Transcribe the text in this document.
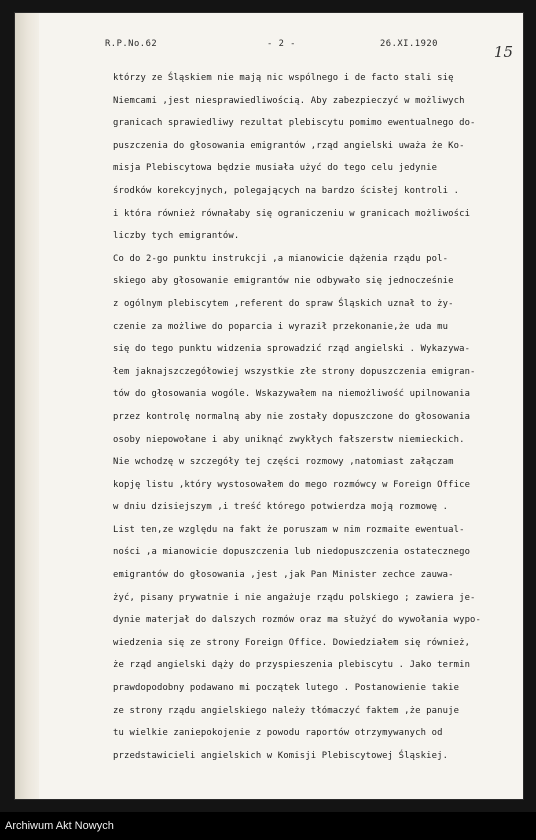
R.P.No.62	- 2 -	26.XI.1920	15
którzy ze Śląskiem nie mają nic wspólnego i de facto stali się
Niemcami ,jest niesprawiedliwością. Aby zabezpieczyć w możliwych
granicach sprawiedliwy rezultat plebiscytu pomimo ewentualnego do-
puszczenia do głosowania emigrantów ,rząd angielski uważa że Ko-
misja Plebiscytowa będzie musiała użyć do tego celu jedynie
środków korekcyjnych, polegających na bardzo ścisłej kontroli .
i która również równałaby się ograniczeniu w granicach możliwości
liczby tych emigrantów.
Co do 2-go punktu instrukcji ,a mianowicie dążenia rządu pol-
skiego aby głosowanie emigrantów nie odbywało się jednocześnie
z ogólnym plebiscytem ,referent do spraw Śląskich uznał to ży-
czenie za możliwe do poparcia i wyraził przekonanie,że uda mu
się do tego punktu widzenia sprowadzić rząd angielski . Wykazywa-
łem jaknajszczegółowiej wszystkie złe strony dopuszczenia emigran-
tów do głosowania wogóle. Wskazywałem na niemożliwość upilnowania
przez kontrolę normalną aby nie zostały dopuszczone do głosowania
osoby niepowołane i aby uniknąć zwykłych fałszerstw niemieckich.
Nie wchodzę w szczegóły tej części rozmowy ,natomiast załączam
kopję listu ,który wystosowałem do mego rozmówcy w Foreign Office
w dniu dzisiejszym ,i treść którego potwierdza moją rozmowę .
List ten,ze względu na fakt że poruszam w nim rozmaite ewentual-
ności ,a mianowicie dopuszczenia lub niedopuszczenia ostatecznego
emigrantów do głosowania ,jest ,jak Pan Minister zechce zauwa-
żyć, pisany prywatnie i nie angażuje rządu polskiego ; zawiera je-
dynie materjał do dalszych rozmów oraz ma służyć do wywołania wypo-
wiedzenia się ze strony Foreign Office. Dowiedziałem się również,
że rząd angielski dąży do przyspieszenia plebiscytu . Jako termin
prawdopodobny podawano mi początek lutego . Postanowienie takie
ze strony rządu angielskiego należy tłómaczyć faktem ,że panuje
tu wielkie zaniepokojenie z powodu raportów otrzymywanych od
przedstawicieli angielskich w Komisji Plebiscytowej Śląskiej.
Archiwum Akt Nowych
